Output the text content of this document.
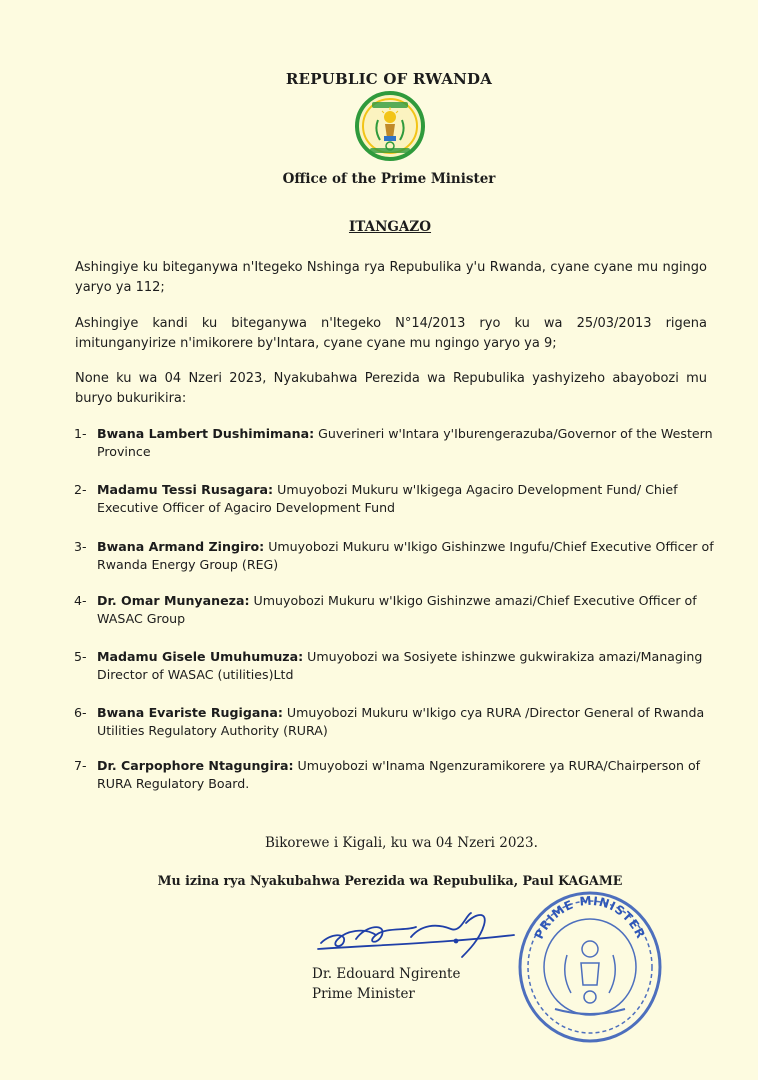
REPUBLIC OF RWANDA
Office of the Prime Minister
ITANGAZO
Ashingiye ku biteganywa n'Itegeko Nshinga rya Repubulika y'u Rwanda, cyane cyane mu ngingo yaryo ya 112;
Ashingiye kandi ku biteganywa n'Itegeko N°14/2013 ryo ku wa 25/03/2013 rigena imitunganyirize n'imikorere by'Intara, cyane cyane mu ngingo yaryo ya 9;
None ku wa 04 Nzeri 2023, Nyakubahwa Perezida wa Repubulika yashyizeho abayobozi mu buryo bukurikira:
1- Bwana Lambert Dushimimana: Guverineri w'Intara y'Iburengerazuba/Governor of the Western Province
2- Madamu Tessi Rusagara: Umuyobozi Mukuru w'Ikigega Agaciro Development Fund/ Chief Executive Officer of Agaciro Development Fund
3- Bwana Armand Zingiro: Umuyobozi Mukuru w'Ikigo Gishinzwe Ingufu/Chief Executive Officer of Rwanda Energy Group (REG)
4- Dr. Omar Munyaneza: Umuyobozi Mukuru w'Ikigo Gishinzwe amazi/Chief Executive Officer of WASAC Group
5- Madamu Gisele Umuhumuza: Umuyobozi wa Sosiyete ishinzwe gukwirakiza amazi/Managing Director of WASAC (utilities)Ltd
6- Bwana Evariste Rugigana: Umuyobozi Mukuru w'Ikigo cya RURA /Director General of Rwanda Utilities Regulatory Authority (RURA)
7- Dr. Carpophore Ntagungira: Umuyobozi w'Inama Ngenzuramikorere ya RURA/Chairperson of RURA Regulatory Board.
Bikorewe i Kigali, ku wa 04 Nzeri 2023.
Mu izina rya Nyakubahwa Perezida wa Repubulika, Paul KAGAME
Dr. Edouard Ngirente
Prime Minister
PRIME MINISTER
